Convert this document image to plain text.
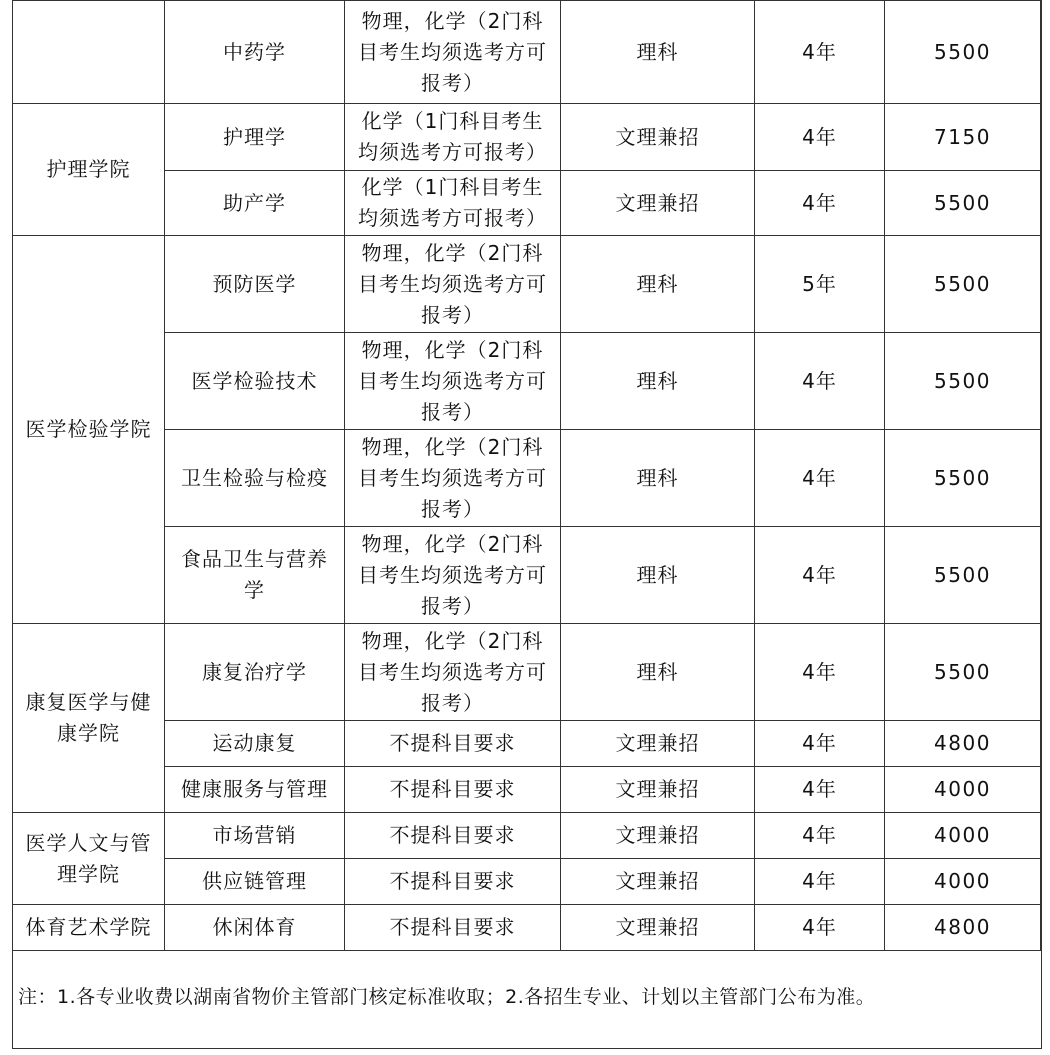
	中药学	物理，化学（2门科目考生均须选考方可报考）	理科	4年	5500
护理学院	护理学	化学（1门科目考生均须选考方可报考）	文理兼招	4年	7150
	助产学	化学（1门科目考生均须选考方可报考）	文理兼招	4年	5500
医学检验学院	预防医学	物理，化学（2门科目考生均须选考方可报考）	理科	5年	5500
	医学检验技术	物理，化学（2门科目考生均须选考方可报考）	理科	4年	5500
	卫生检验与检疫	物理，化学（2门科目考生均须选考方可报考）	理科	4年	5500
	食品卫生与营养学	物理，化学（2门科目考生均须选考方可报考）	理科	4年	5500
康复医学与健康学院	康复治疗学	物理，化学（2门科目考生均须选考方可报考）	理科	4年	5500
	运动康复	不提科目要求	文理兼招	4年	4800
	健康服务与管理	不提科目要求	文理兼招	4年	4000
医学人文与管理学院	市场营销	不提科目要求	文理兼招	4年	4000
	供应链管理	不提科目要求	文理兼招	4年	4000
体育艺术学院	休闲体育	不提科目要求	文理兼招	4年	4800
注：1.各专业收费以湖南省物价主管部门核定标准收取；2.各招生专业、计划以主管部门公布为准。
